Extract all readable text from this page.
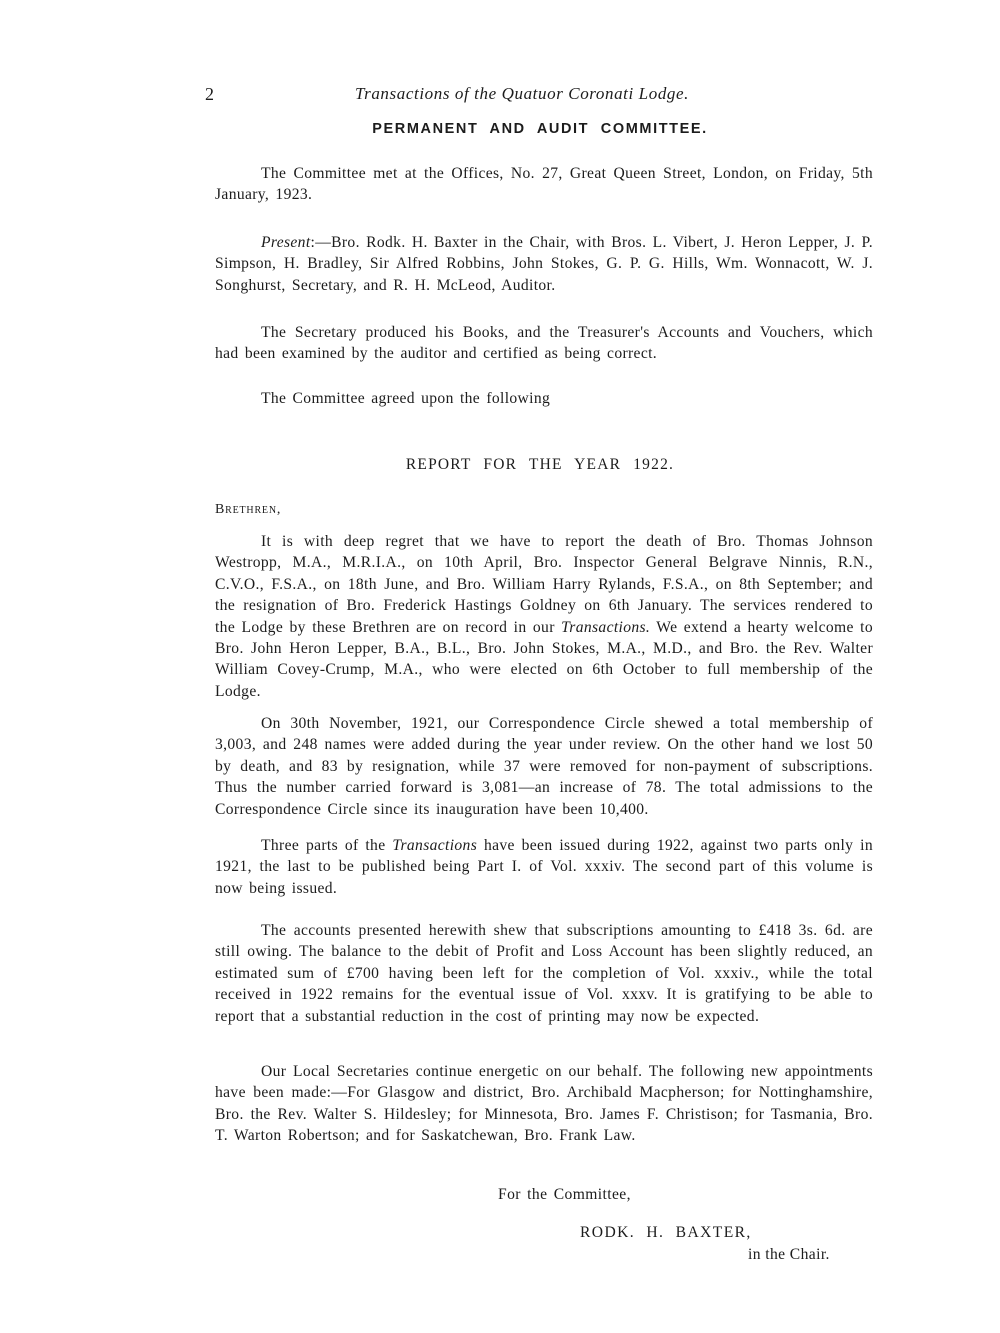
2	Transactions of the Quatuor Coronati Lodge.
PERMANENT AND AUDIT COMMITTEE.

The Committee met at the Offices, No. 27, Great Queen Street, London, on Friday, 5th January, 1923.

Present:—Bro. Rodk. H. Baxter in the Chair, with Bros. L. Vibert, J. Heron Lepper, J. P. Simpson, H. Bradley, Sir Alfred Robbins, John Stokes, G. P. G. Hills, Wm. Wonnacott, W. J. Songhurst, Secretary, and R. H. McLeod, Auditor.

The Secretary produced his Books, and the Treasurer's Accounts and Vouchers, which had been examined by the auditor and certified as being correct.

The Committee agreed upon the following

REPORT FOR THE YEAR 1922.
Brethren,

It is with deep regret that we have to report the death of Bro. Thomas Johnson Westropp, M.A., M.R.I.A., on 10th April, Bro. Inspector General Belgrave Ninnis, R.N., C.V.O., F.S.A., on 18th June, and Bro. William Harry Rylands, F.S.A., on 8th September; and the resignation of Bro. Frederick Hastings Goldney on 6th January. The services rendered to the Lodge by these Brethren are on record in our Transactions. We extend a hearty welcome to Bro. John Heron Lepper, B.A., B.L., Bro. John Stokes, M.A., M.D., and Bro. the Rev. Walter William Covey-Crump, M.A., who were elected on 6th October to full membership of the Lodge.

On 30th November, 1921, our Correspondence Circle shewed a total membership of 3,003, and 248 names were added during the year under review. On the other hand we lost 50 by death, and 83 by resignation, while 37 were removed for non-payment of subscriptions. Thus the number carried forward is 3,081—an increase of 78. The total admissions to the Correspondence Circle since its inauguration have been 10,400.

Three parts of the Transactions have been issued during 1922, against two parts only in 1921, the last to be published being Part I. of Vol. xxxiv. The second part of this volume is now being issued.

The accounts presented herewith shew that subscriptions amounting to £418 3s. 6d. are still owing. The balance to the debit of Profit and Loss Account has been slightly reduced, an estimated sum of £700 having been left for the completion of Vol. xxxiv., while the total received in 1922 remains for the eventual issue of Vol. xxxv. It is gratifying to be able to report that a substantial reduction in the cost of printing may now be expected.

Our Local Secretaries continue energetic on our behalf. The following new appointments have been made:—For Glasgow and district, Bro. Archibald Macpherson; for Nottinghamshire, Bro. the Rev. Walter S. Hildesley; for Minnesota, Bro. James F. Christison; for Tasmania, Bro. T. Warton Robertson; and for Saskatchewan, Bro. Frank Law.

For the Committee,
RODK. H. BAXTER,
in the Chair.
